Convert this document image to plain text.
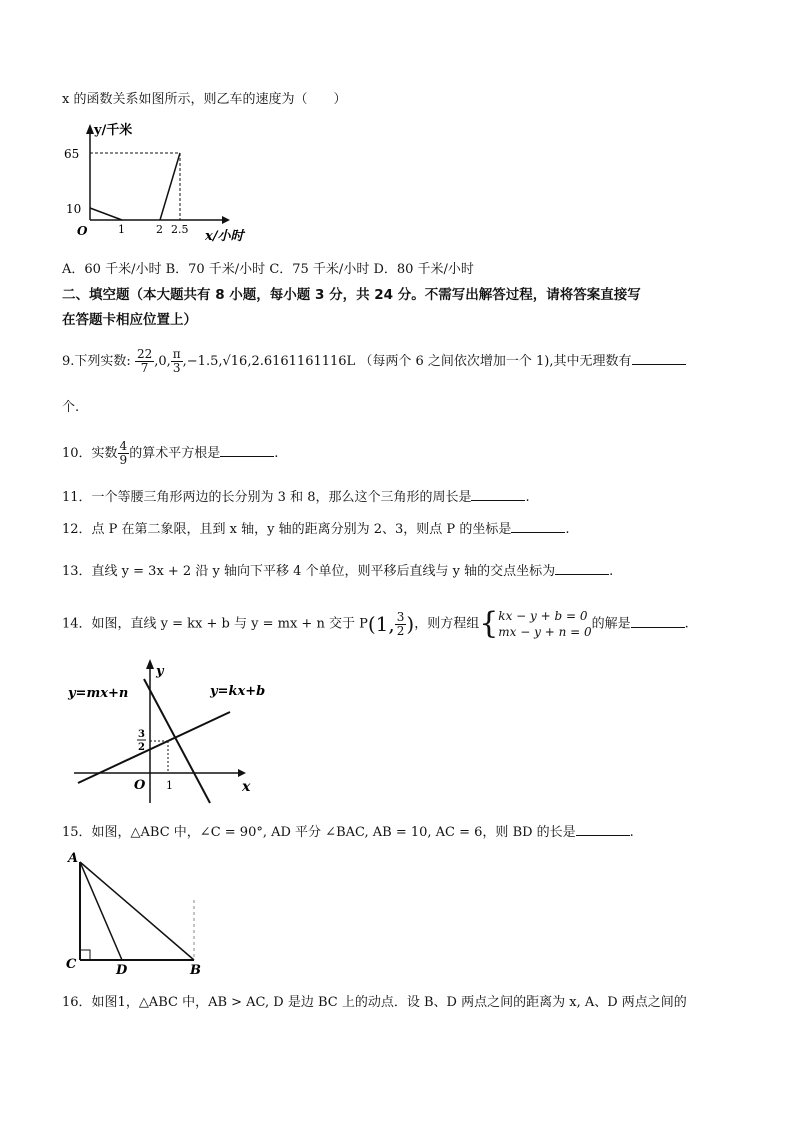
x 的函数关系如图所示，则乙车的速度为（　　）
y/千米
65
10
O	1	2 2.5 x/小时
A．60 千米/小时 B．70 千米/小时 C．75 千米/小时 D．80 千米/小时
二、填空题（本大题共有 8 小题，每小题 3 分，共 24 分。不需写出解答过程，请将答案直接写
在答题卡相应位置上）
9.下列实数: $\frac{22}{7} ,0$, $\frac{\pi}{3} ,-1.5,√16,2.6161161116L$ （每两个 6 之间依次增加一个 1),其中无理数有
个.
10．实数 $\frac{4}{9}$ 的算术平方根是	.
11．一个等腰三角形两边的长分别为 3 和 8，那么这个三角形的周长是	.
12．点 P 在第二象限，且到 x 轴，y 轴的距离分别为 2、3，则点 P 的坐标是	.
13．直线 y = 3x + 2 沿 y 轴向下平移 4 个单位，则平移后直线与 y 轴的交点坐标为	.
14．如图，直线 y = kx + b 与 y = mx + n 交于 P(1, $\frac{3}{2}$ )，则方程组{ kx − y + b = 0
mx − y + n = 0
的解是	.
y=mx+n	y=kx+b
y
x
O 1
3
2
15．如图，△ABC 中，∠C = 90°, AD 平分 ∠BAC, AB = 10, AC = 6，则 BD 的长是	.
A
C	D	B
16．如图1，△ABC 中，AB > AC, D 是边 BC 上的动点．设 B、D 两点之间的距离为 x, A、D 两点之间的
